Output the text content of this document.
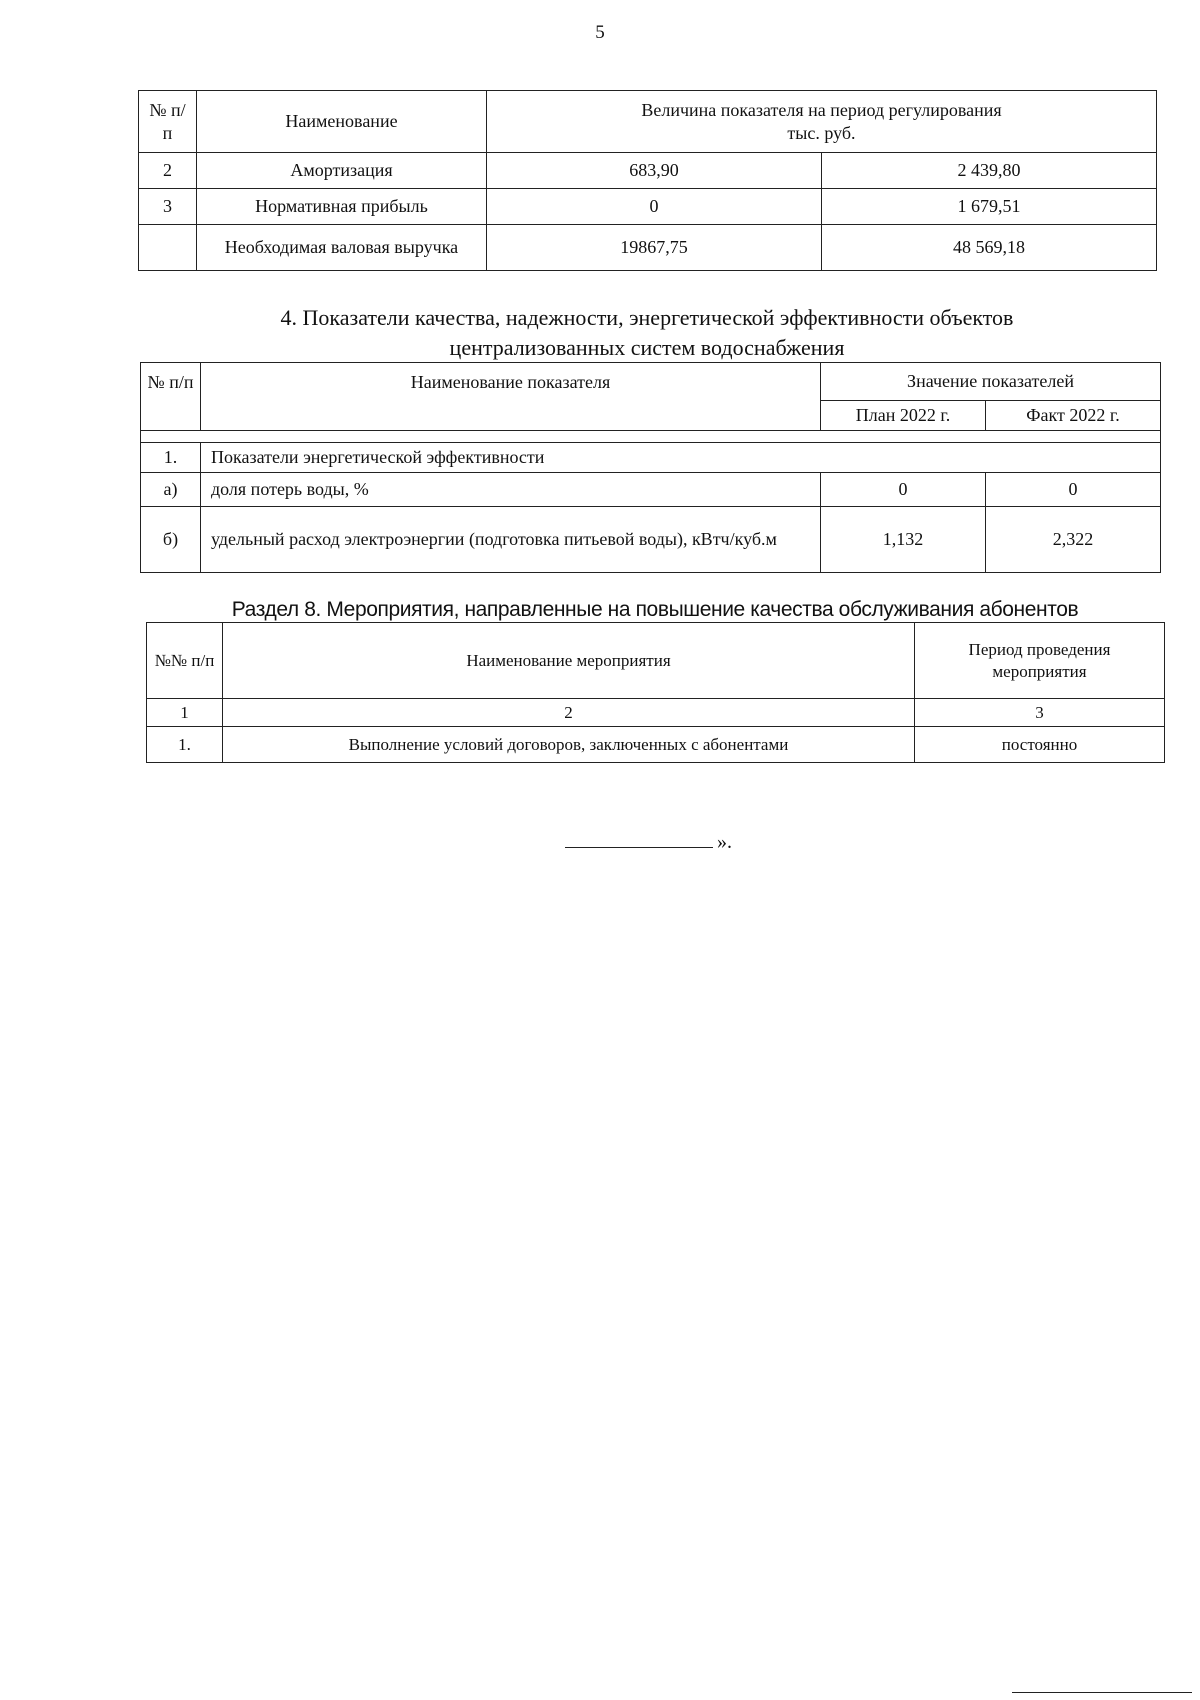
5
№ п/п	Наименование	Величина показателя на период регулирования
тыс. руб.	

2	Амортизация	683,90	2 439,80
3	Нормативная прибыль	0	1 679,51
	Необходимая валовая выручка	19867,75	48 569,18
4. Показатели качества, надежности, энергетической эффективности объектов
централизованных систем водоснабжения
№ п/п	Наименование показателя	Значение показателей	
		План 2022 г.	Факт 2022 г.

1.	Показатели энергетической эффективности		
а)	доля потерь воды, %	0	0
б)	удельный расход электроэнергии (подготовка питьевой воды), кВтч/куб.м	1,132	2,322
Раздел 8. Мероприятия, направленные на повышение качества обслуживания абонентов
№№ п/п	Наименование мероприятия	Период проведения мероприятия
1	2	3
1.	Выполнение условий договоров, заключенных с абонентами	постоянно
».
